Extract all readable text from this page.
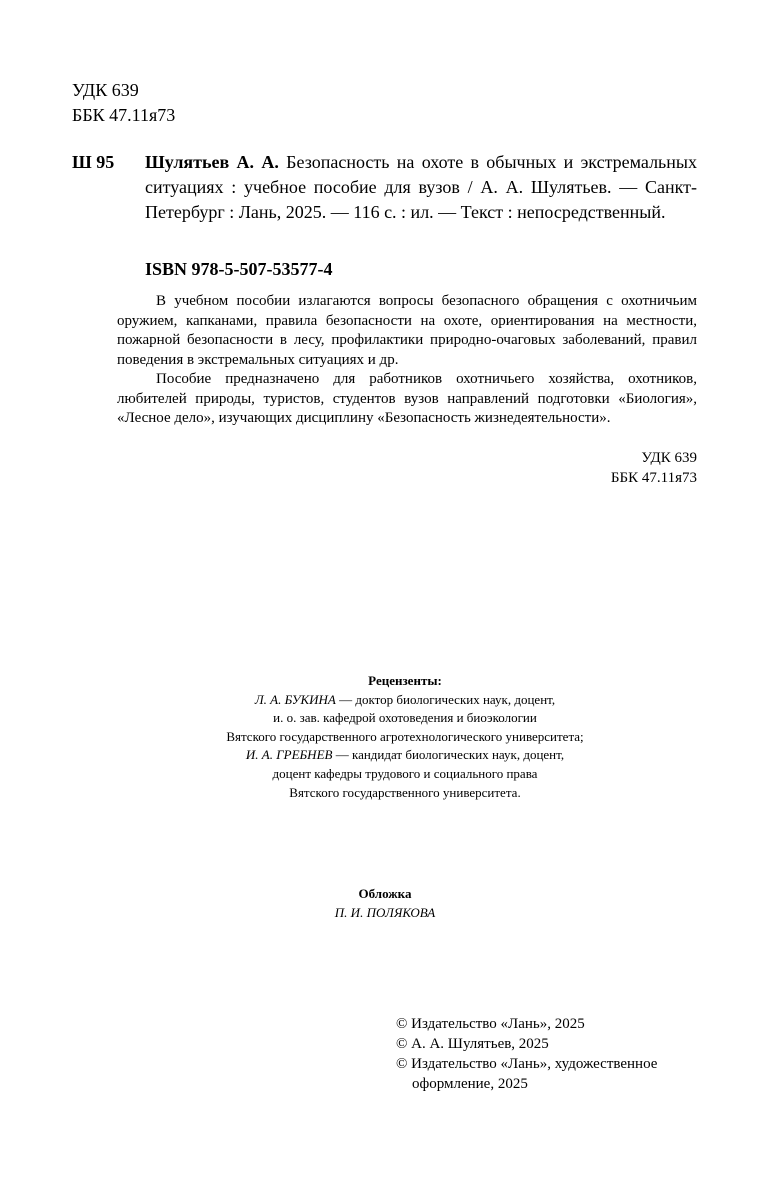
УДК 639
ББК 47.11я73
Ш 95 Шулятьев А. А. Безопасность на охоте в обычных и экстремальных ситуациях : учебное пособие для вузов / А. А. Шулятьев. — Санкт-Петербург : Лань, 2025. — 116 с. : ил. — Текст : непосредственный.
ISBN 978-5-507-53577-4

В учебном пособии излагаются вопросы безопасного обращения с охотничьим оружием, капканами, правила безопасности на охоте, ориентирования на местности, пожарной безопасности в лесу, профилактики природно-очаговых заболеваний, правил поведения в экстремальных ситуациях и др.

Пособие предназначено для работников охотничьего хозяйства, охотников, любителей природы, туристов, студентов вузов направлений подготовки «Биология», «Лесное дело», изучающих дисциплину «Безопасность жизнедеятельности».

УДК 639
ББК 47.11я73
Рецензенты:
Л. А. БУКИНА — доктор биологических наук, доцент,
и. о. зав. кафедрой охотоведения и биоэкологии
Вятского государственного агротехнологического университета;
И. А. ГРЕБНЕВ — кандидат биологических наук, доцент,
доцент кафедры трудового и социального права
Вятского государственного университета.
Обложка
П. И. ПОЛЯКОВА
© Издательство «Лань», 2025
© А. А. Шулятьев, 2025
© Издательство «Лань», художественное
оформление, 2025
